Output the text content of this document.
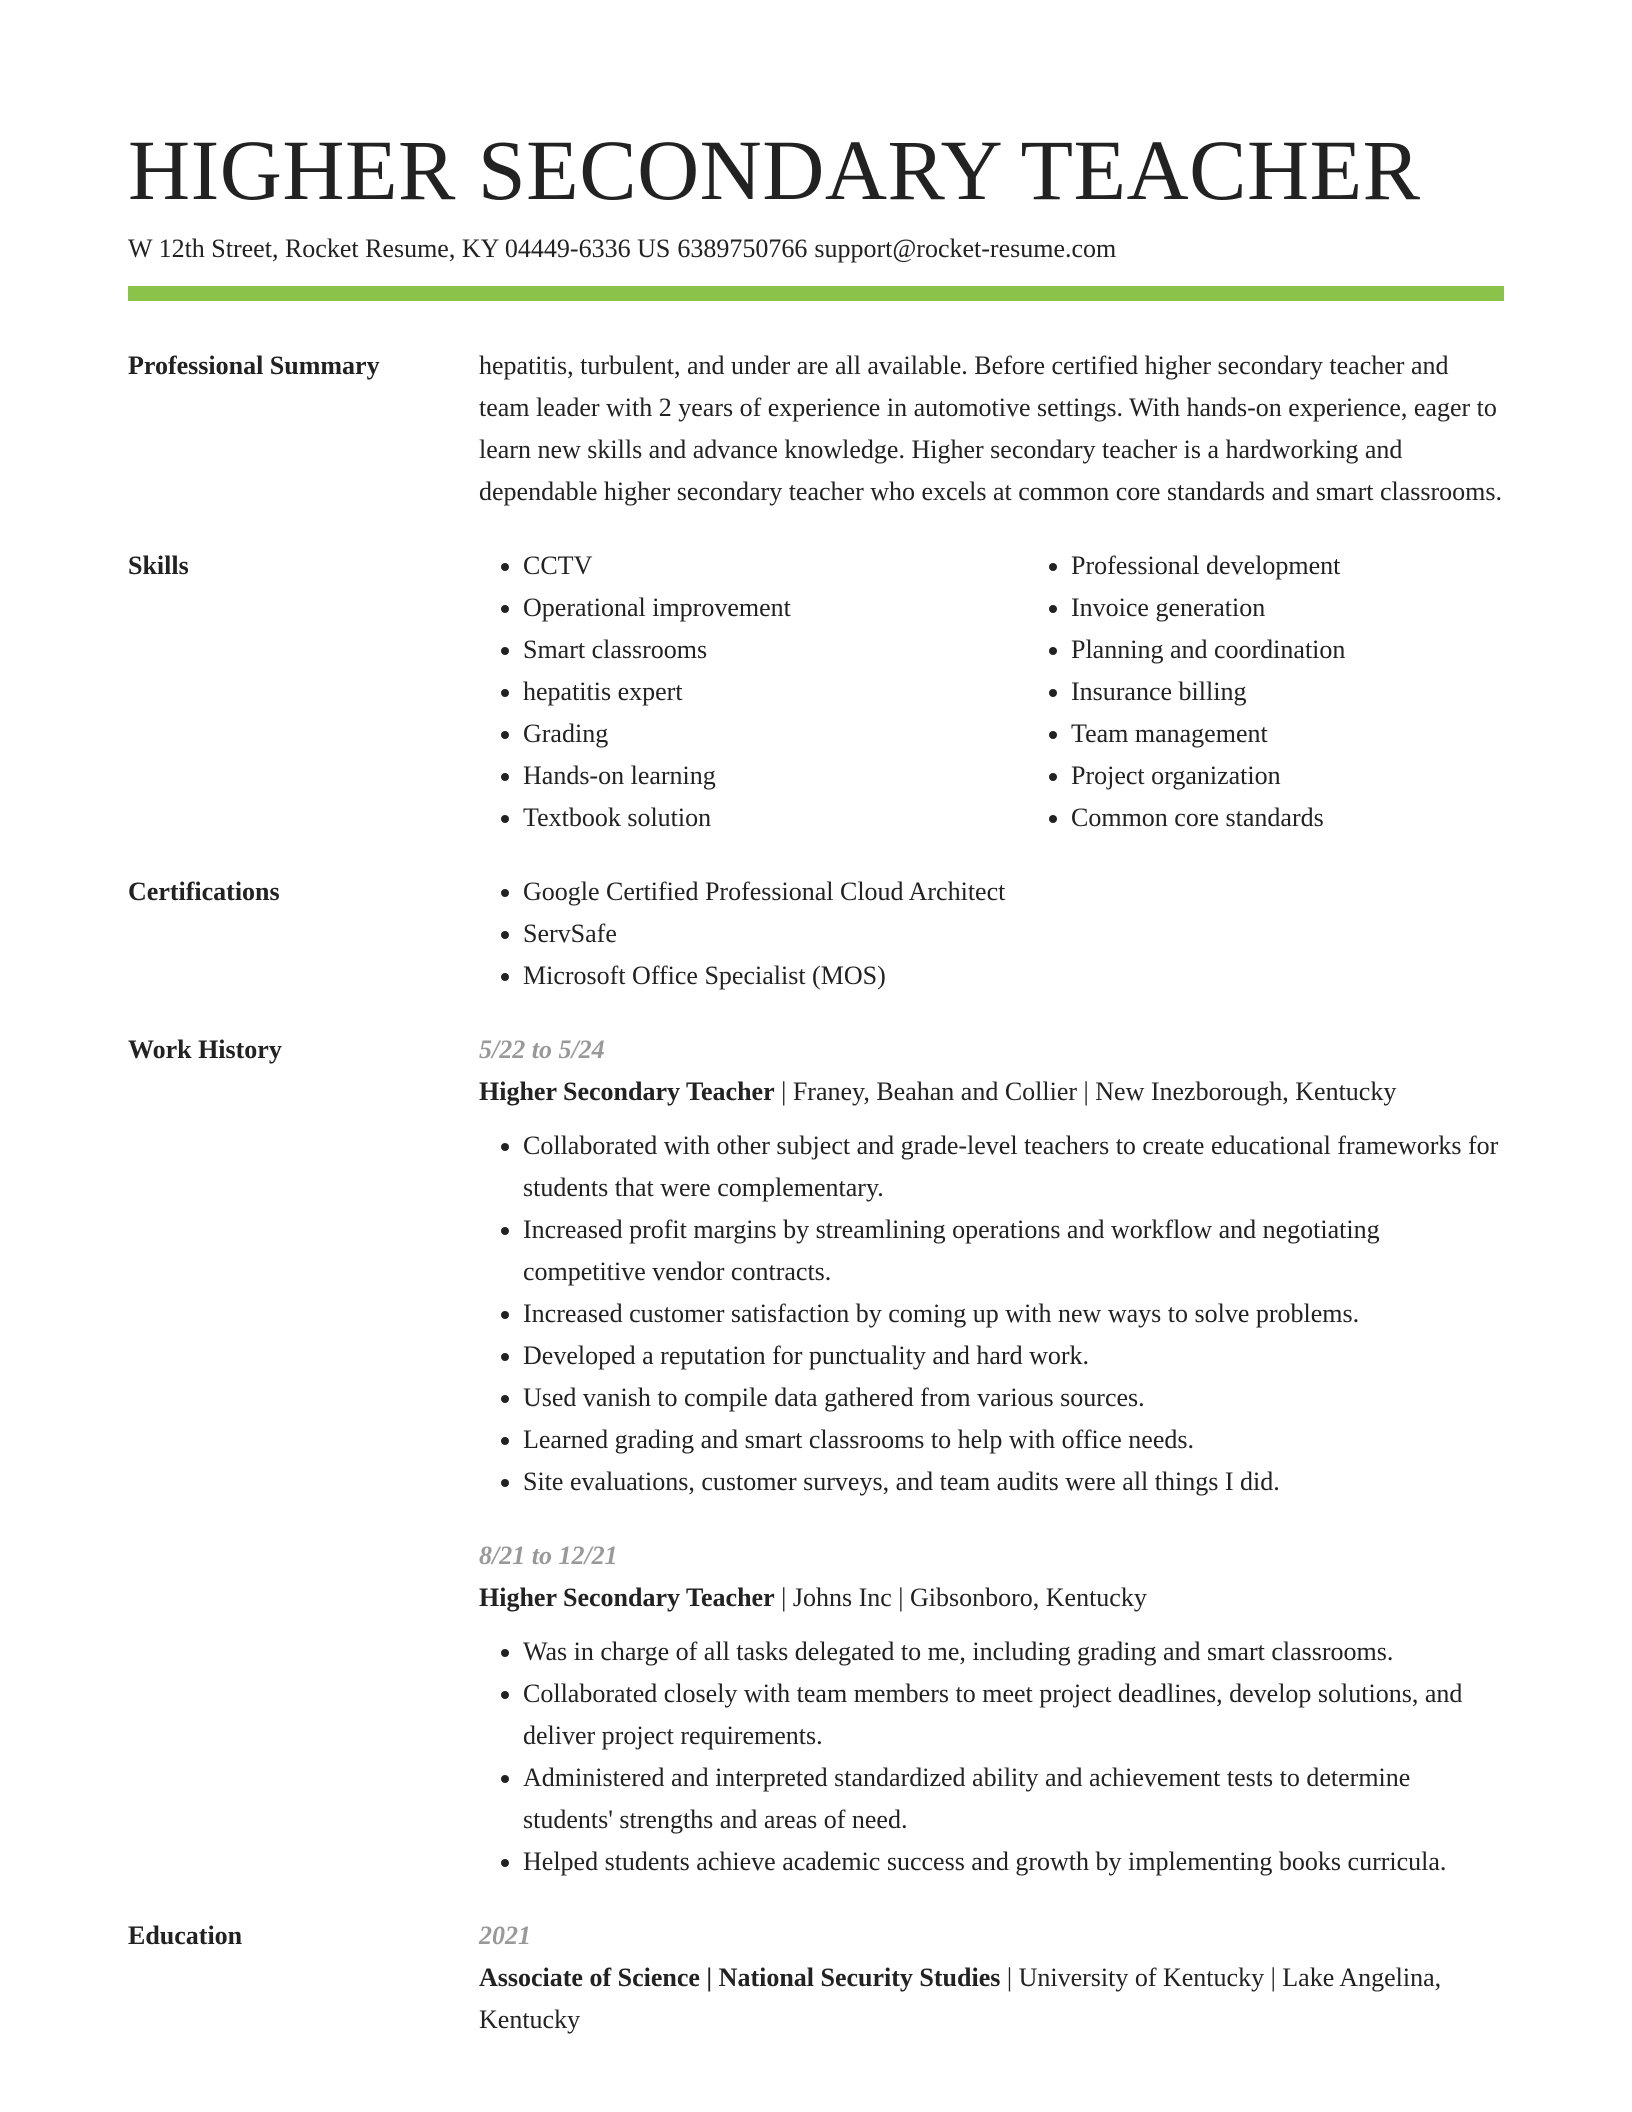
HIGHER SECONDARY TEACHER
W 12th Street, Rocket Resume, KY 04449-6336 US 6389750766 support@rocket-resume.com
Professional Summary	hepatitis, turbulent, and under are all available. Before certified higher secondary teacher and team leader with 2 years of experience in automotive settings. With hands-on experience, eager to learn new skills and advance knowledge. Higher secondary teacher is a hardworking and dependable higher secondary teacher who excels at common core standards and smart classrooms.
Skills	• CCTV
• Operational improvement
• Smart classrooms
• hepatitis expert
• Grading
• Hands-on learning
• Textbook solution
• Professional development
• Invoice generation
• Planning and coordination
• Insurance billing
• Team management
• Project organization
• Common core standards
Certifications	• Google Certified Professional Cloud Architect
• ServSafe
• Microsoft Office Specialist (MOS)
Work History	5/22 to 5/24
Higher Secondary Teacher | Franey, Beahan and Collier | New Inezborough, Kentucky
• Collaborated with other subject and grade-level teachers to create educational frameworks for students that were complementary.
• Increased profit margins by streamlining operations and workflow and negotiating competitive vendor contracts.
• Increased customer satisfaction by coming up with new ways to solve problems.
• Developed a reputation for punctuality and hard work.
• Used vanish to compile data gathered from various sources.
• Learned grading and smart classrooms to help with office needs.
• Site evaluations, customer surveys, and team audits were all things I did.
8/21 to 12/21
Higher Secondary Teacher | Johns Inc | Gibsonboro, Kentucky
• Was in charge of all tasks delegated to me, including grading and smart classrooms.
• Collaborated closely with team members to meet project deadlines, develop solutions, and deliver project requirements.
• Administered and interpreted standardized ability and achievement tests to determine students' strengths and areas of need.
• Helped students achieve academic success and growth by implementing books curricula.
Education	2021
Associate of Science | National Security Studies | University of Kentucky | Lake Angelina, Kentucky
